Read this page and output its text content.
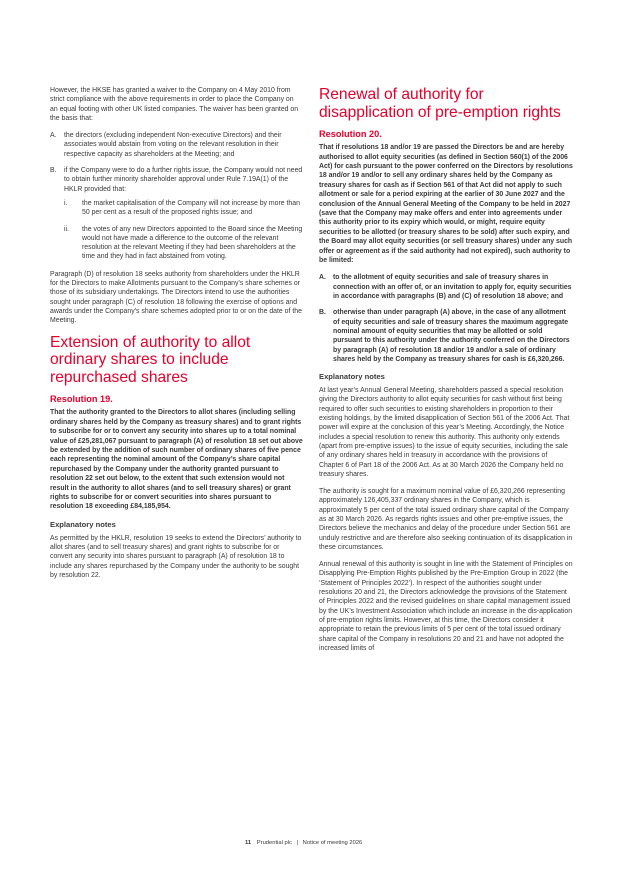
However, the HKSE has granted a waiver to the Company on 4 May 2010 from strict compliance with the above requirements in order to place the Company on an equal footing with other UK listed companies. The waiver has been granted on the basis that:

A. the directors (excluding independent Non-executive Directors) and their associates would abstain from voting on the relevant resolution in their respective capacity as shareholders at the Meeting; and
B. if the Company were to do a further rights issue, the Company would not need to obtain further minority shareholder approval under Rule 7.19A(1) of the HKLR provided that:
i. the market capitalisation of the Company will not increase by more than 50 per cent as a result of the proposed rights issue; and
ii. the votes of any new Directors appointed to the Board since the Meeting would not have made a difference to the outcome of the relevant resolution at the relevant Meeting if they had been shareholders at the time and they had in fact abstained from voting.

Paragraph (D) of resolution 18 seeks authority from shareholders under the HKLR for the Directors to make Allotments pursuant to the Company’s share schemes or those of its subsidiary undertakings. The Directors intend to use the authorities sought under paragraph (C) of resolution 18 following the exercise of options and awards under the Company’s share schemes adopted prior to or on the date of the Meeting.

Extension of authority to allot ordinary shares to include repurchased shares
Resolution 19.

That the authority granted to the Directors to allot shares (including selling ordinary shares held by the Company as treasury shares) and to grant rights to subscribe for or to convert any security into shares up to a total nominal value of £25,281,067 pursuant to paragraph (A) of resolution 18 set out above be extended by the addition of such number of ordinary shares of five pence each representing the nominal amount of the Company’s share capital repurchased by the Company under the authority granted pursuant to resolution 22 set out below, to the extent that such extension would not result in the authority to allot shares (and to sell treasury shares) or grant rights to subscribe for or convert securities into shares pursuant to resolution 18 exceeding £84,185,954.

Explanatory notes

As permitted by the HKLR, resolution 19 seeks to extend the Directors’ authority to allot shares (and to sell treasury shares) and grant rights to subscribe for or convert any security into shares pursuant to paragraph (A) of resolution 18 to include any shares repurchased by the Company under the authority to be sought by resolution 22.

Renewal of authority for disapplication of pre-emption rights
Resolution 20.

That if resolutions 18 and/or 19 are passed the Directors be and are hereby authorised to allot equity securities (as defined in Section 560(1) of the 2006 Act) for cash pursuant to the power conferred on the Directors by resolutions 18 and/or 19 and/or to sell any ordinary shares held by the Company as treasury shares for cash as if Section 561 of that Act did not apply to such allotment or sale for a period expiring at the earlier of 30 June 2027 and the conclusion of the Annual General Meeting of the Company to be held in 2027 (save that the Company may make offers and enter into agreements under this authority prior to its expiry which would, or might, require equity securities to be allotted (or treasury shares to be sold) after such expiry, and the Board may allot equity securities (or sell treasury shares) under any such offer or agreement as if the said authority had not expired), such authority to be limited:

A. to the allotment of equity securities and sale of treasury shares in connection with an offer of, or an invitation to apply for, equity securities in accordance with paragraphs (B) and (C) of resolution 18 above; and
B. otherwise than under paragraph (A) above, in the case of any allotment of equity securities and sale of treasury shares the maximum aggregate nominal amount of equity securities that may be allotted or sold pursuant to this authority under the authority conferred on the Directors by paragraph (A) of resolution 18 and/or 19 and/or a sale of ordinary shares held by the Company as treasury shares for cash is £6,320,266.
Explanatory notes

At last year’s Annual General Meeting, shareholders passed a special resolution giving the Directors authority to allot equity securities for cash without first being required to offer such securities to existing shareholders in proportion to their existing holdings, by the limited disapplication of Section 561 of the 2006 Act. That power will expire at the conclusion of this year’s Meeting. Accordingly, the Notice includes a special resolution to renew this authority. This authority only extends (apart from pre-emptive issues) to the issue of equity securities, including the sale of any ordinary shares held in treasury in accordance with the provisions of Chapter 6 of Part 18 of the 2006 Act. As at 30 March 2026 the Company held no treasury shares.

The authority is sought for a maximum nominal value of £6,320,266 representing approximately 126,405,337 ordinary shares in the Company, which is approximately 5 per cent of the total issued ordinary share capital of the Company as at 30 March 2026. As regards rights issues and other pre-emptive issues, the Directors believe the mechanics and delay of the procedure under Section 561 are unduly restrictive and are therefore also seeking continuation of its disapplication in these circumstances.

Annual renewal of this authority is sought in line with the Statement of Principles on Disapplying Pre-Emption Rights published by the Pre-Emption Group in 2022 (the ‘Statement of Principles 2022’). In respect of the authorities sought under resolutions 20 and 21, the Directors acknowledge the provisions of the Statement of Principles 2022 and the revised guidelines on share capital management issued by the UK’s Investment Association which include an increase in the dis-application of pre-emption rights limits. However, at this time, the Directors consider it appropriate to retain the previous limits of 5 per cent of the total issued ordinary share capital of the Company in resolutions 20 and 21 and have not adopted the increased limits of

11 Prudential plc | Notice of meeting 2026
